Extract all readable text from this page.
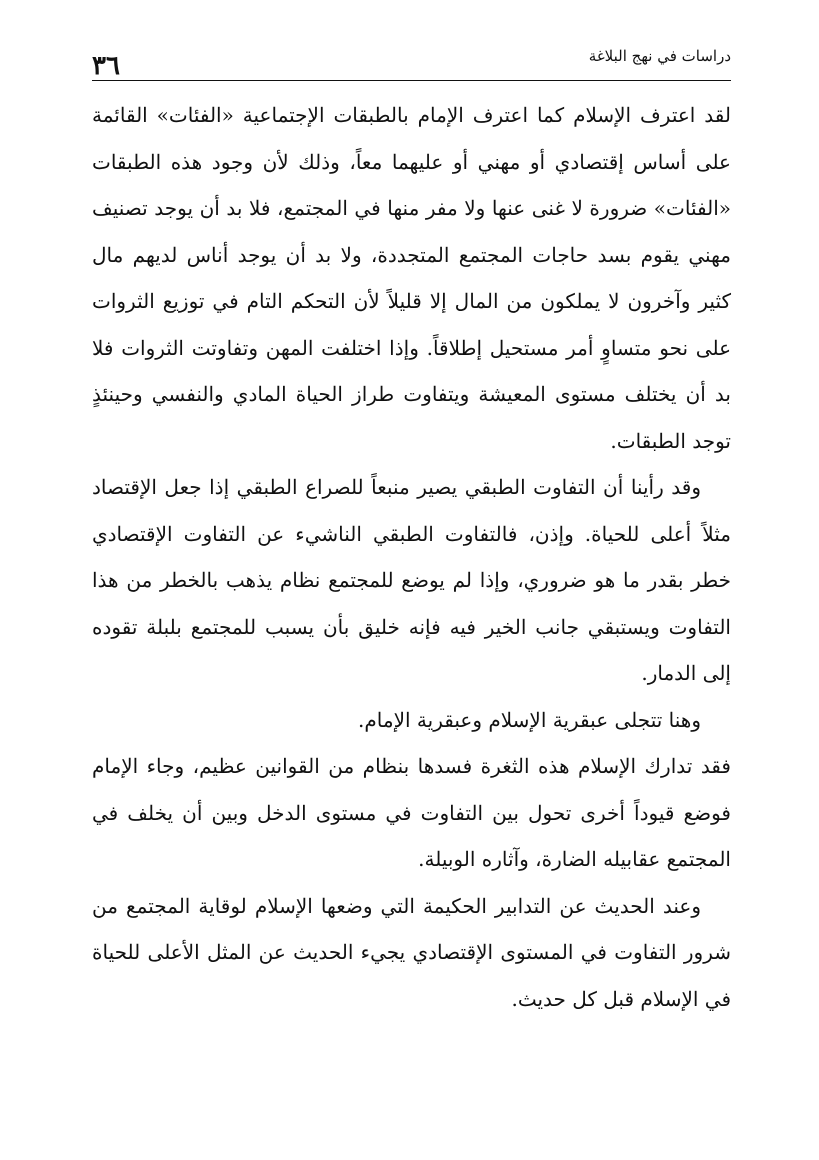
٣٦	دراسات في نهج البلاغة

لقد اعترف الإسلام كما اعترف الإمام بالطبقات الإجتماعية «الفئات» القائمة على أساس إقتصادي أو مهني أو عليهما معاً، وذلك لأن وجود هذه الطبقات «الفئات» ضرورة لا غنى عنها ولا مفر منها في المجتمع، فلا بد أن يوجد تصنيف مهني يقوم بسد حاجات المجتمع المتجددة، ولا بد أن يوجد أناس لديهم مال كثير وآخرون لا يملكون من المال إلا قليلاً لأن التحكم التام في توزيع الثروات على نحو متساوٍ أمر مستحيل إطلاقاً. وإذا اختلفت المهن وتفاوتت الثروات فلا بد أن يختلف مستوى المعيشة ويتفاوت طراز الحياة المادي والنفسي وحينئذٍ توجد الطبقات.

وقد رأينا أن التفاوت الطبقي يصير منبعاً للصراع الطبقي إذا جعل الإقتصاد مثلاً أعلى للحياة. وإذن، فالتفاوت الطبقي الناشيء عن التفاوت الإقتصادي خطر بقدر ما هو ضروري، وإذا لم يوضع للمجتمع نظام يذهب بالخطر من هذا التفاوت ويستبقي جانب الخير فيه فإنه خليق بأن يسبب للمجتمع بلبلة تقوده إلى الدمار.

وهنا تتجلى عبقرية الإسلام وعبقرية الإمام.

فقد تدارك الإسلام هذه الثغرة فسدها بنظام من القوانين عظيم، وجاء الإمام فوضع قيوداً أخرى تحول بين التفاوت في مستوى الدخل وبين أن يخلف في المجتمع عقابيله الضارة، وآثاره الوبيلة.

وعند الحديث عن التدابير الحكيمة التي وضعها الإسلام لوقاية المجتمع من شرور التفاوت في المستوى الإقتصادي يجيء الحديث عن المثل الأعلى للحياة في الإسلام قبل كل حديث.
